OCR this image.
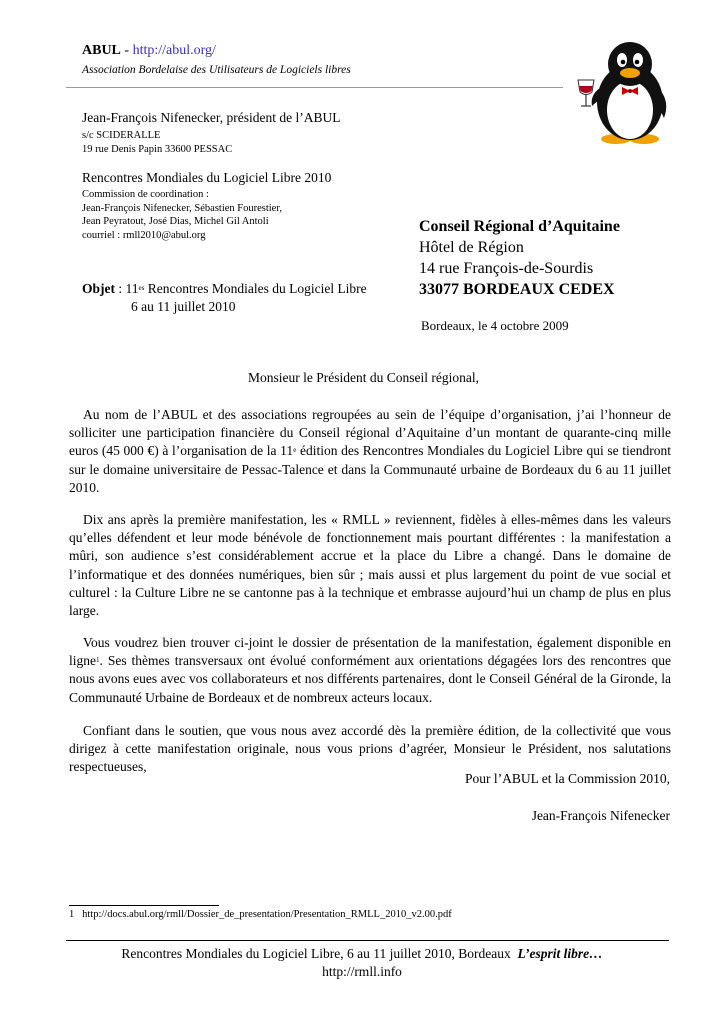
ABUL - http://abul.org/
Association Bordelaise des Utilisateurs de Logiciels libres
Jean-François Nifenecker, président de l’ABUL
s/c SCIDERALLE
19 rue Denis Papin 33600 PESSAC
Rencontres Mondiales du Logiciel Libre 2010
Commission de coordination :
Jean-François Nifenecker, Sébastien Fourestier,
Jean Peyratout, José Dias, Michel Gil Antoli
courriel : rmll2010@abul.org	Conseil Régional d’Aquitaine
Hôtel de Région
14 rue François-de-Sourdis
33077 BORDEAUX CEDEX
Objet : $11^{es}$ Rencontres Mondiales du Logiciel Libre
6 au 11 juillet 2010
Bordeaux, le 4 octobre 2009
Monsieur le Président du Conseil régional,
Au nom de l’ABUL et des associations regroupées au sein de l’équipe d’organisation, j’ai l’honneur de solliciter une participation financière du Conseil régional d’Aquitaine d’un montant de quarante-cinq mille euros (45 000 €) à l’organisation de la 11e édition des Rencontres Mondiales du Logiciel Libre qui se tiendront sur le domaine universitaire de Pessac-Talence et dans la Communauté urbaine de Bordeaux du 6 au 11 juillet 2010.
Dix ans après la première manifestation, les « RMLL » reviennent, fidèles à elles-mêmes dans les valeurs qu’elles défendent et leur mode bénévole de fonctionnement mais pourtant différentes : la manifestation a mûri, son audience s’est considérablement accrue et la place du Libre a changé. Dans le domaine de l’informatique et des données numériques, bien sûr ; mais aussi et plus largement du point de vue social et culturel : la Culture Libre ne se cantonne pas à la technique et embrasse aujourd’hui un champ de plus en plus large.
Vous voudrez bien trouver ci-joint le dossier de présentation de la manifestation, également disponible en ligne$^1$. Ses thèmes transversaux ont évolué conformément aux orientations dégagées lors des rencontres que nous avons eues avec vos collaborateurs et nos différents partenaires, dont le Conseil Général de la Gironde, la Communauté Urbaine de Bordeaux et de nombreux acteurs locaux.
Confiant dans le soutien, que vous nous avez accordé dès la première édition, de la collectivité que vous dirigez à cette manifestation originale, nous vous prions d’agréer, Monsieur le Président, nos salutations respectueuses,
Pour l’ABUL et la Commission 2010,
Jean-François Nifenecker
1 http://docs.abul.org/rmll/Dossier_de_presentation/Presentation_RMLL_2010_v2.00.pdf
Rencontres Mondiales du Logiciel Libre, 6 au 11 juillet 2010, Bordeaux L’esprit libre…
http://rmll.info
